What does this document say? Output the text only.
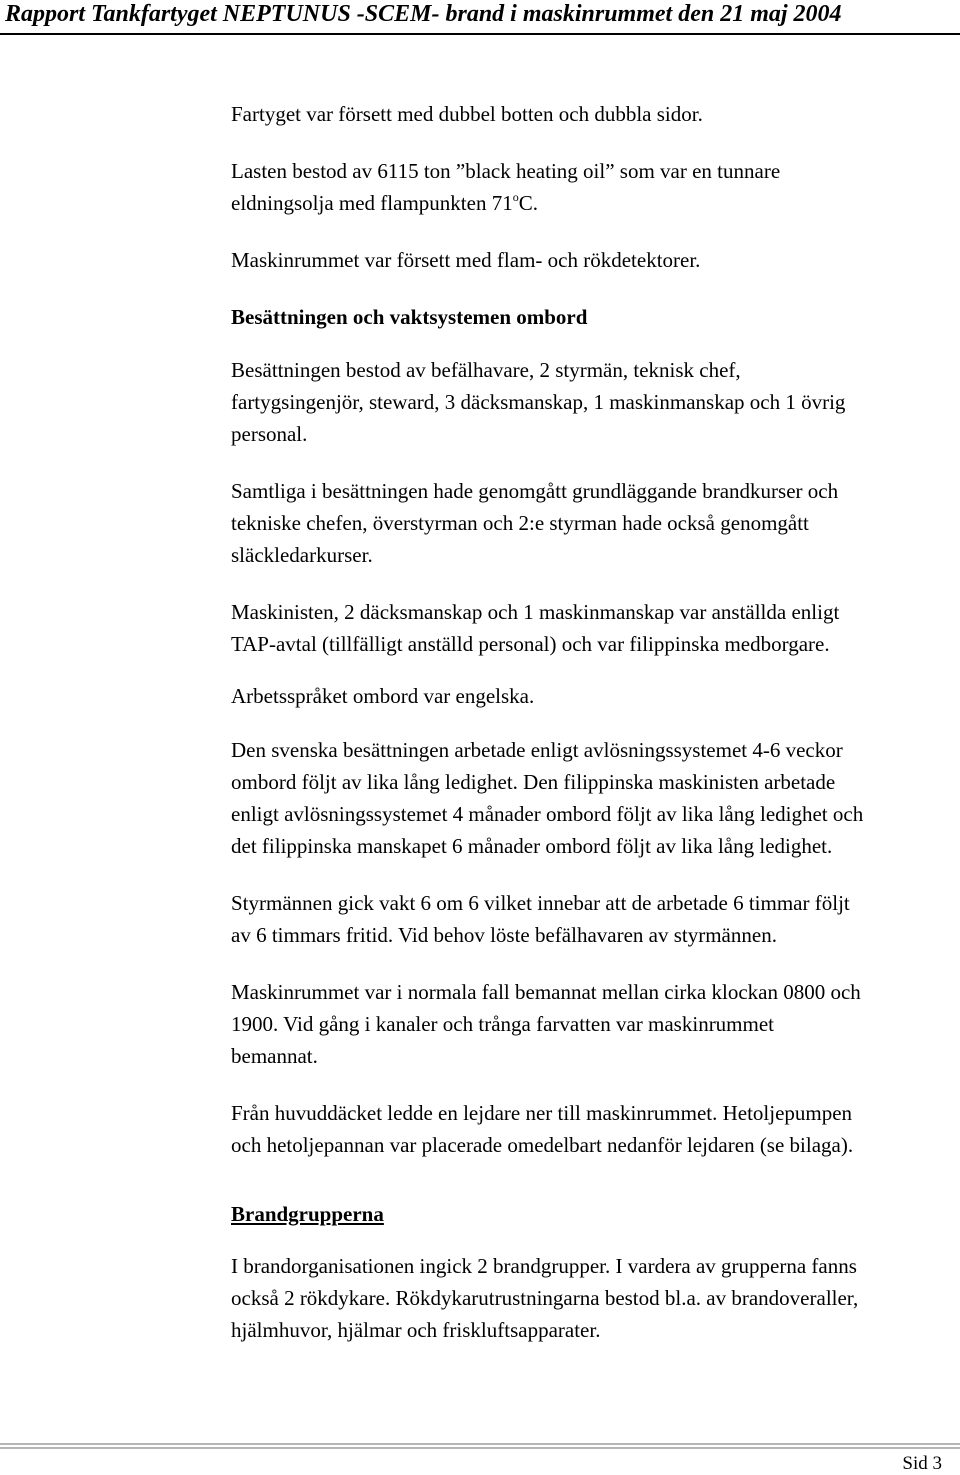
Rapport Tankfartyget NEPTUNUS -SCEM- brand i maskinrummet den 21 maj 2004
Fartyget var försett med dubbel botten och dubbla sidor.
Lasten bestod av 6115 ton ”black heating oil” som var en tunnare
eldningsolja med flampunkten 71$^o$C.
Maskinrummet var försett med flam- och rökdetektorer.
Besättningen och vaktsystemen ombord
Besättningen bestod av befälhavare, 2 styrmän, teknisk chef,
fartygsingenjör, steward, 3 däcksmanskap, 1 maskinmanskap och 1 övrig
personal.
Samtliga i besättningen hade genomgått grundläggande brandkurser och
tekniske chefen, överstyrman och 2:e styrman hade också genomgått
släckledarkurser.
Maskinisten, 2 däcksmanskap och 1 maskinmanskap var anställda enligt
TAP-avtal (tillfälligt anställd personal) och var filippinska medborgare.
Arbetsspråket ombord var engelska.
Den svenska besättningen arbetade enligt avlösningssystemet 4-6 veckor
ombord följt av lika lång ledighet. Den filippinska maskinisten arbetade
enligt avlösningssystemet 4 månader ombord följt av lika lång ledighet och
det filippinska manskapet 6 månader ombord följt av lika lång ledighet.
Styrmännen gick vakt 6 om 6 vilket innebar att de arbetade 6 timmar följt
av 6 timmars fritid. Vid behov löste befälhavaren av styrmännen.
Maskinrummet var i normala fall bemannat mellan cirka klockan 0800 och
1900. Vid gång i kanaler och trånga farvatten var maskinrummet
bemannat.
Från huvuddäcket ledde en lejdare ner till maskinrummet. Hetoljepumpen
och hetoljepannan var placerade omedelbart nedanför lejdaren (se bilaga).
Brandgrupperna
I brandorganisationen ingick 2 brandgrupper. I vardera av grupperna fanns
också 2 rökdykare. Rökdykarutrustningarna bestod bl.a. av brandoveraller,
hjälmhuvor, hjälmar och friskluftsapparater.
Sid 3
